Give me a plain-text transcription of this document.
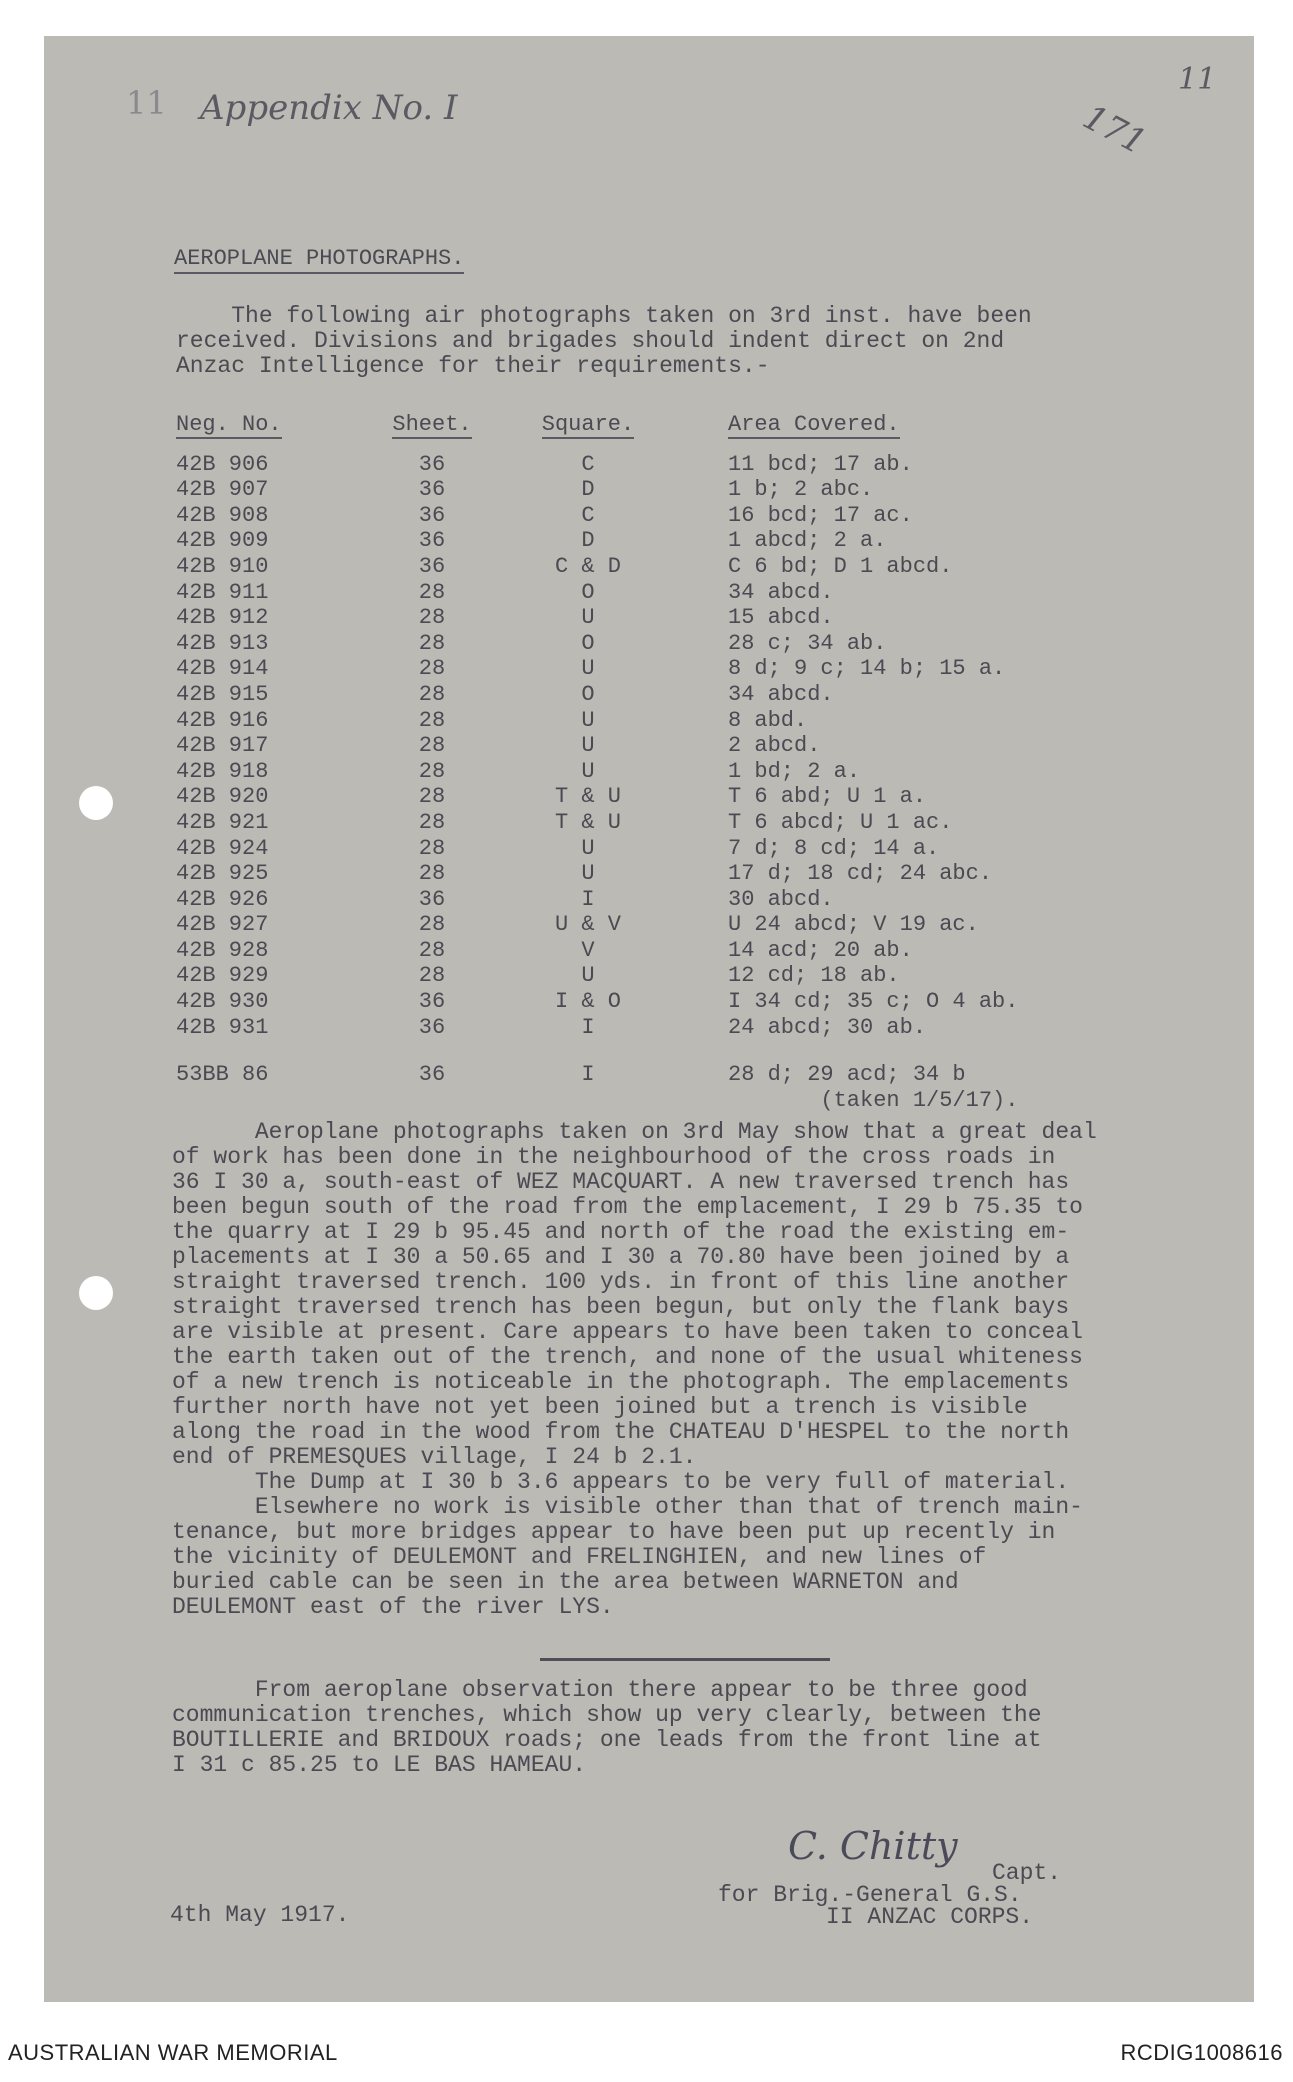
11 Appendix No. I	171
11
AEROPLANE PHOTOGRAPHS.
The following air photographs taken on 3rd inst. have been
received. Divisions and brigades should indent direct on 2nd
Anzac Intelligence for their requirements.-
Neg. No.	Sheet.	Square.	Area Covered.

42B 906	36	C	11 bcd; 17 ab.
42B 907	36	D	1 b; 2 abc.
42B 908	36	C	16 bcd; 17 ac.
42B 909	36	D	1 abcd; 2 a.
42B 910	36	C & D	C 6 bd; D 1 abcd.
42B 911	28	O	34 abcd.
42B 912	28	U	15 abcd.
42B 913	28	O	28 c; 34 ab.
42B 914	28	U	8 d; 9 c; 14 b; 15 a.
42B 915	28	O	34 abcd.
42B 916	28	U	8 abd.
42B 917	28	U	2 abcd.
42B 918	28	U	1 bd; 2 a.
42B 920	28	T & U	T 6 abd; U 1 a.
42B 921	28	T & U	T 6 abcd; U 1 ac.
42B 924	28	U	7 d; 8 cd; 14 a.
42B 925	28	U	17 d; 18 cd; 24 abc.
42B 926	36	I	30 abcd.
42B 927	28	U & V	U 24 abcd; V 19 ac.
42B 928	28	V	14 acd; 20 ab.
42B 929	28	U	12 cd; 18 ab.
42B 930	36	I & O	I 34 cd; 35 c; O 4 ab.
42B 931	36	I	24 abcd; 30 ab.

53BB 86	36	I	28 d; 29 acd; 34 b
(taken 1/5/17).			
Aeroplane photographs taken on 3rd May show that a great deal
of work has been done in the neighbourhood of the cross roads in
36 I 30 a, south-east of WEZ MACQUART. A new traversed trench has
been begun south of the road from the emplacement, I 29 b 75.35 to
the quarry at I 29 b 95.45 and north of the road the existing em-
placements at I 30 a 50.65 and I 30 a 70.80 have been joined by a
straight traversed trench. 100 yds. in front of this line another
straight traversed trench has been begun, but only the flank bays
are visible at present. Care appears to have been taken to conceal
the earth taken out of the trench, and none of the usual whiteness
of a new trench is noticeable in the photograph. The emplacements
further north have not yet been joined but a trench is visible
along the road in the wood from the CHATEAU D'HESPEL to the north
end of PREMESQUES village, I 24 b 2.1.
The Dump at I 30 b 3.6 appears to be very full of material.
Elsewhere no work is visible other than that of trench main-
tenance, but more bridges appear to have been put up recently in
the vicinity of DEULEMONT and FRELINGHIEN, and new lines of
buried cable can be seen in the area between WARNETON and
DEULEMONT east of the river LYS.
From aeroplane observation there appear to be three good
communication trenches, which show up very clearly, between the
BOUTILLERIE and BRIDOUX roads; one leads from the front line at
I 31 c 85.25 to LE BAS HAMEAU.
C. Chitty
Capt.
for Brig.-General G.S.
II ANZAC CORPS.
4th May 1917.
AUSTRALIAN WAR MEMORIAL	RCDIG1008616
